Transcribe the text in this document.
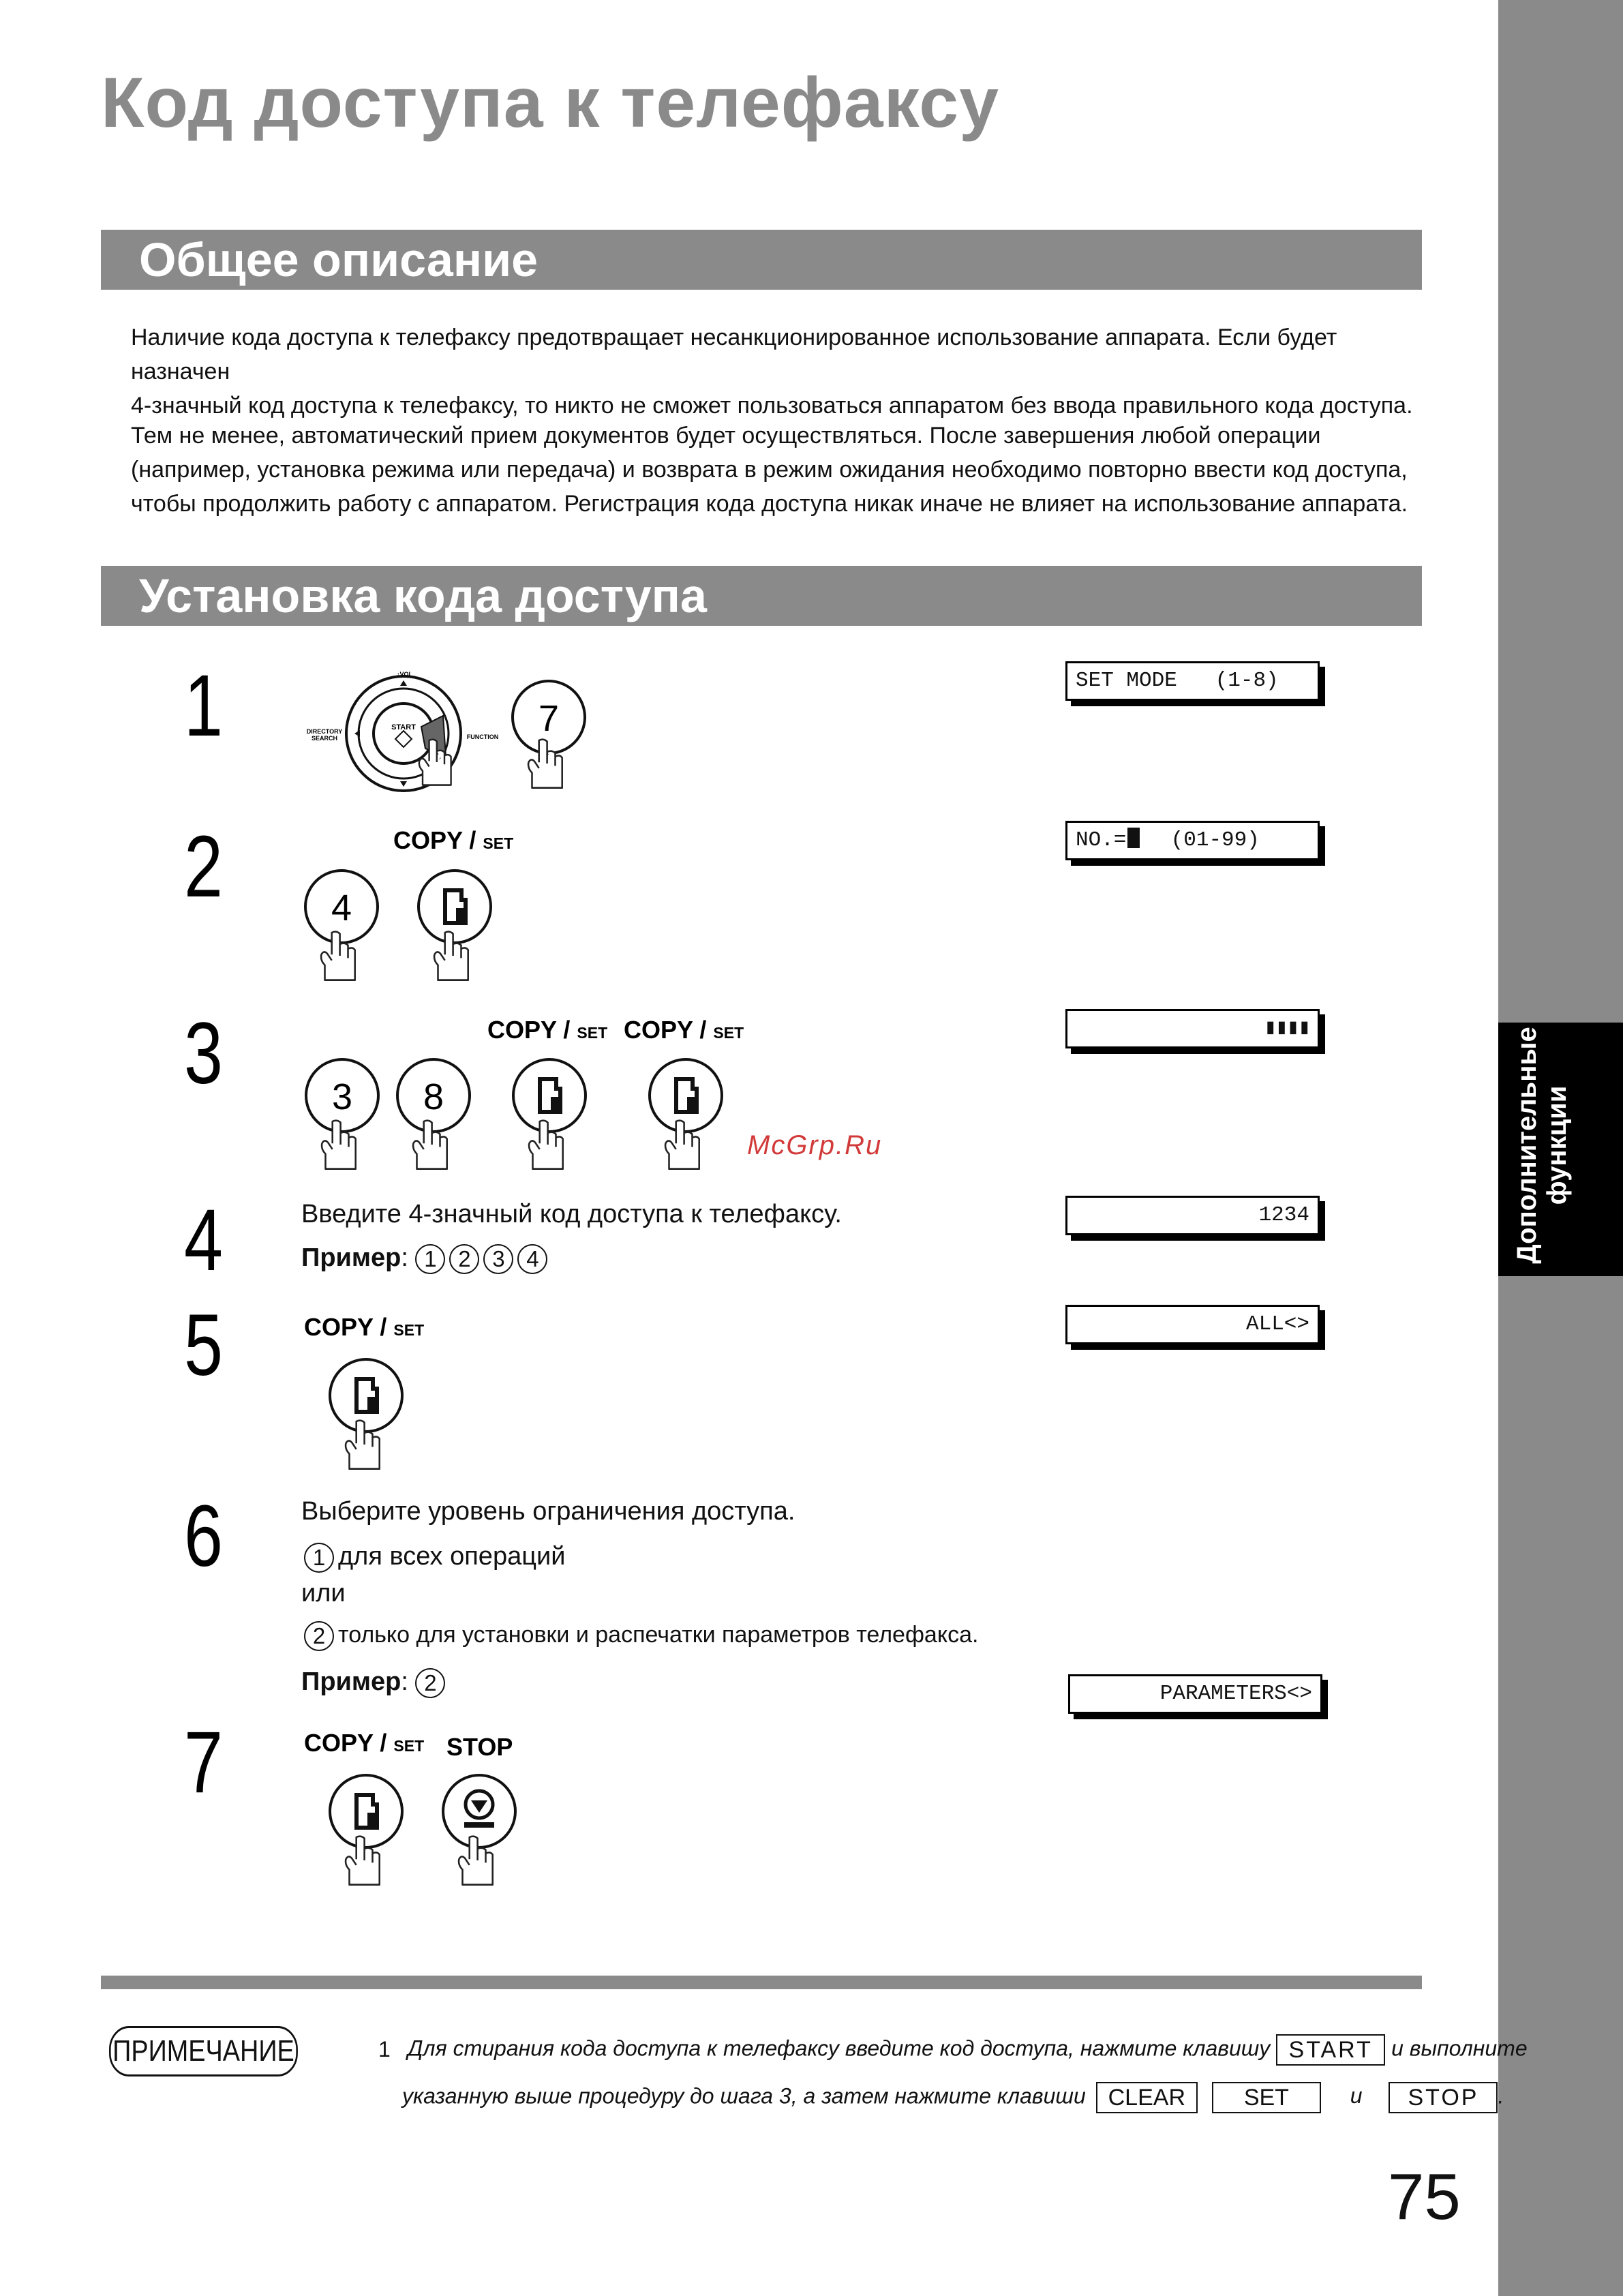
Дополнительные функции
Код доступа к телефаксу
Общее описание
Наличие кода доступа к телефаксу предотвращает несанкционированное использование аппарата. Если будет назначен
4-значный код доступа к телефаксу, то никто не сможет пользоваться аппаратом без ввода правильного кода доступа.
Тем не менее, автоматический прием документов будет осуществляться. После завершения любой операции
(например, установка режима или передача) и возврата в режим ожидания необходимо повторно ввести код доступа,
чтобы продолжить работу с аппаратом. Регистрация кода доступа никак иначе не влияет на использование аппарата.
Установка кода доступа
1	START
↕VOL
DIRECTORY
SEARCH	FUNCTION 7
SET MODE   (1-8)
2	COPY / SET
4
NO.= (01-99)
3	COPY / SET COPY / SET
3 8
▮▮▮▮
McGrp.Ru
4	Введите 4-значный код доступа к телефаксу.
Пример: 1 2 3 4
1234
5	COPY / SET	ALL<>
6	Выберите уровень ограничения доступа.
1 для всех операций
или
2 только для установки и распечатки параметров телефакса.
Пример: 2	PARAMETERS<>
7	COPY / SET STOP
ПРИМЕЧАНИЕ	1 Для стирания кода доступа к телефаксу введите код доступа, нажмите клавишу START и выполните
указанную выше процедуру до шага 3, а затем нажмите клавиши CLEAR	SET	и STOP .
75
